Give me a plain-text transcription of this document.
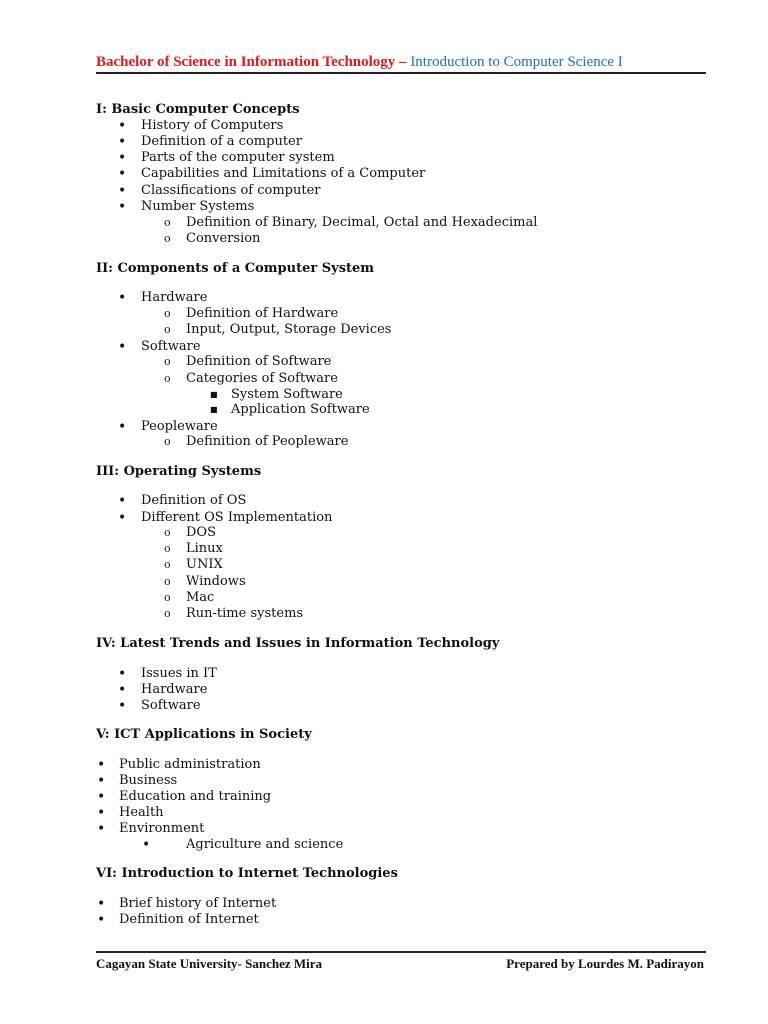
Bachelor of Science in Information Technology – Introduction to Computer Science I
I: Basic Computer Concepts
• History of Computers
• Definition of a computer
• Parts of the computer system
• Capabilities and Limitations of a Computer
• Classifications of computer
• Number Systems
o Definition of Binary, Decimal, Octal and Hexadecimal
o Conversion
II: Components of a Computer System
• Hardware
o Definition of Hardware
o Input, Output, Storage Devices
• Software
o Definition of Software
o Categories of Software
■ System Software
■ Application Software
• Peopleware
o Definition of Peopleware
III: Operating Systems
• Definition of OS
• Different OS Implementation
o DOS
o Linux
o UNIX
o Windows
o Mac
o Run-time systems
IV: Latest Trends and Issues in Information Technology
• Issues in IT
• Hardware
• Software
V: ICT Applications in Society
• Public administration
• Business
• Education and training
• Health
• Environment
•	Agriculture and science
VI: Introduction to Internet Technologies
• Brief history of Internet
• Definition of Internet
Cagayan State University- Sanchez Mira	Prepared by Lourdes M. Padirayon
